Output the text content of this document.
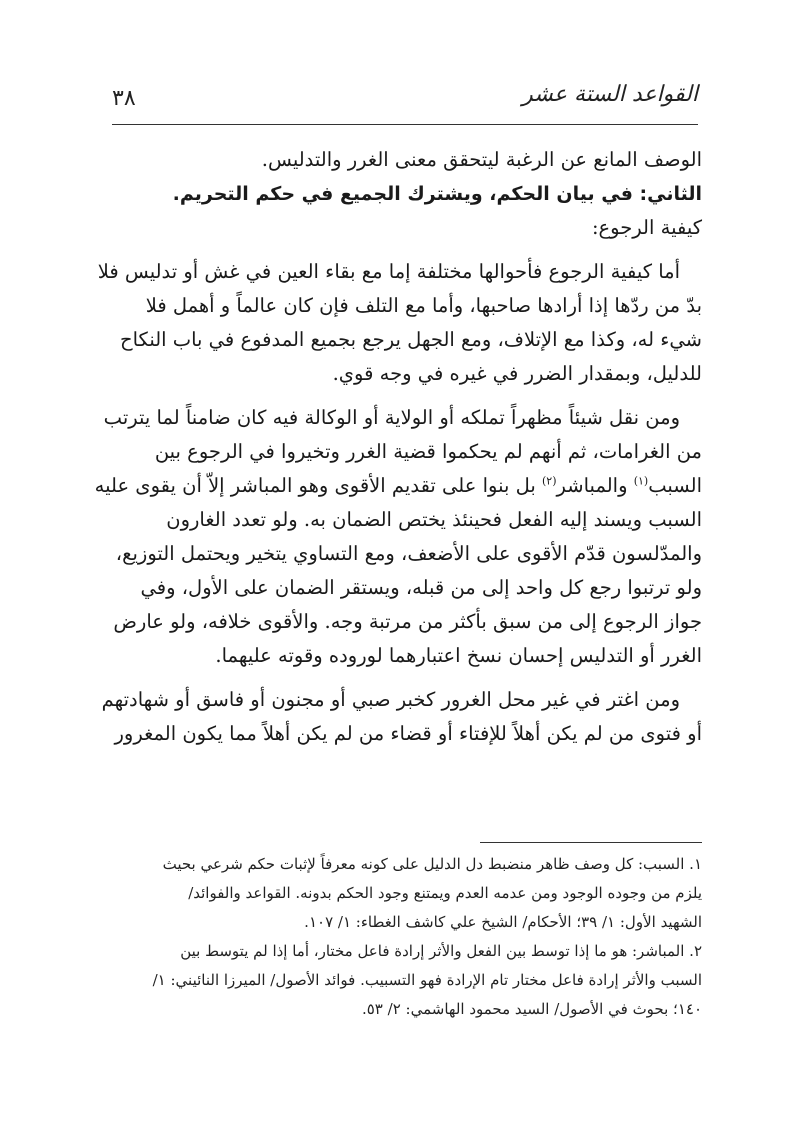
٣٨	القواعد الستة عشر

الوصف المانع عن الرغبة ليتحقق معنى الغرر والتدليس.

الثاني: في بيان الحكم، ويشترك الجميع في حكم التحريم.

كيفية الرجوع:

أما كيفية الرجوع فأحوالها مختلفة إما مع بقاء العين في غش أو تدليس فلا
بدّ من ردّها إذا أرادها صاحبها، وأما مع التلف فإن كان عالماً و أهمل فلا
شيء له، وكذا مع الإتلاف، ومع الجهل يرجع بجميع المدفوع في باب النكاح
للدليل، وبمقدار الضرر في غيره في وجه قوي.

ومن نقل شيئاً مظهراً تملكه أو الولاية أو الوكالة فيه كان ضامناً لما يترتب
من الغرامات، ثم أنهم لم يحكموا قضية الغرر وتخيروا في الرجوع بين
السبب$^{(١)}$ والمباشر$^{(٢)}$ بل بنوا على تقديم الأقوى وهو المباشر إلاّ أن يقوى عليه
السبب ويسند إليه الفعل فحينئذ يختص الضمان به. ولو تعدد الغارون
والمدّلسون قدّم الأقوى على الأضعف، ومع التساوي يتخير ويحتمل التوزيع،
ولو ترتبوا رجع كل واحد إلى من قبله، ويستقر الضمان على الأول، وفي
جواز الرجوع إلى من سبق بأكثر من مرتبة وجه. والأقوى خلافه، ولو عارض
الغرر أو التدليس إحسان نسخ اعتبارهما لوروده وقوته عليهما.

ومن اغتر في غير محل الغرور كخبر صبي أو مجنون أو فاسق أو شهادتهم
أو فتوى من لم يكن أهلاً للإفتاء أو قضاء من لم يكن أهلاً مما يكون المغرور

١. السبب: كل وصف ظاهر منضبط دل الدليل على كونه معرفاً لإثبات حكم شرعي بحيث
يلزم من وجوده الوجود ومن عدمه العدم ويمتنع وجود الحكم بدونه. القواعد والفوائد/
الشهيد الأول: ١/ ٣٩؛ الأحكام/ الشيخ علي كاشف الغطاء: ١/ ١٠٧.

٢. المباشر: هو ما إذا توسط بين الفعل والأثر إرادة فاعل مختار، أما إذا لم يتوسط بين
السبب والأثر إرادة فاعل مختار تام الإرادة فهو التسبيب. فوائد الأصول/ الميرزا النائيني: ١/
١٤٠؛ بحوث في الأصول/ السيد محمود الهاشمي: ٢/ ٥٣.
